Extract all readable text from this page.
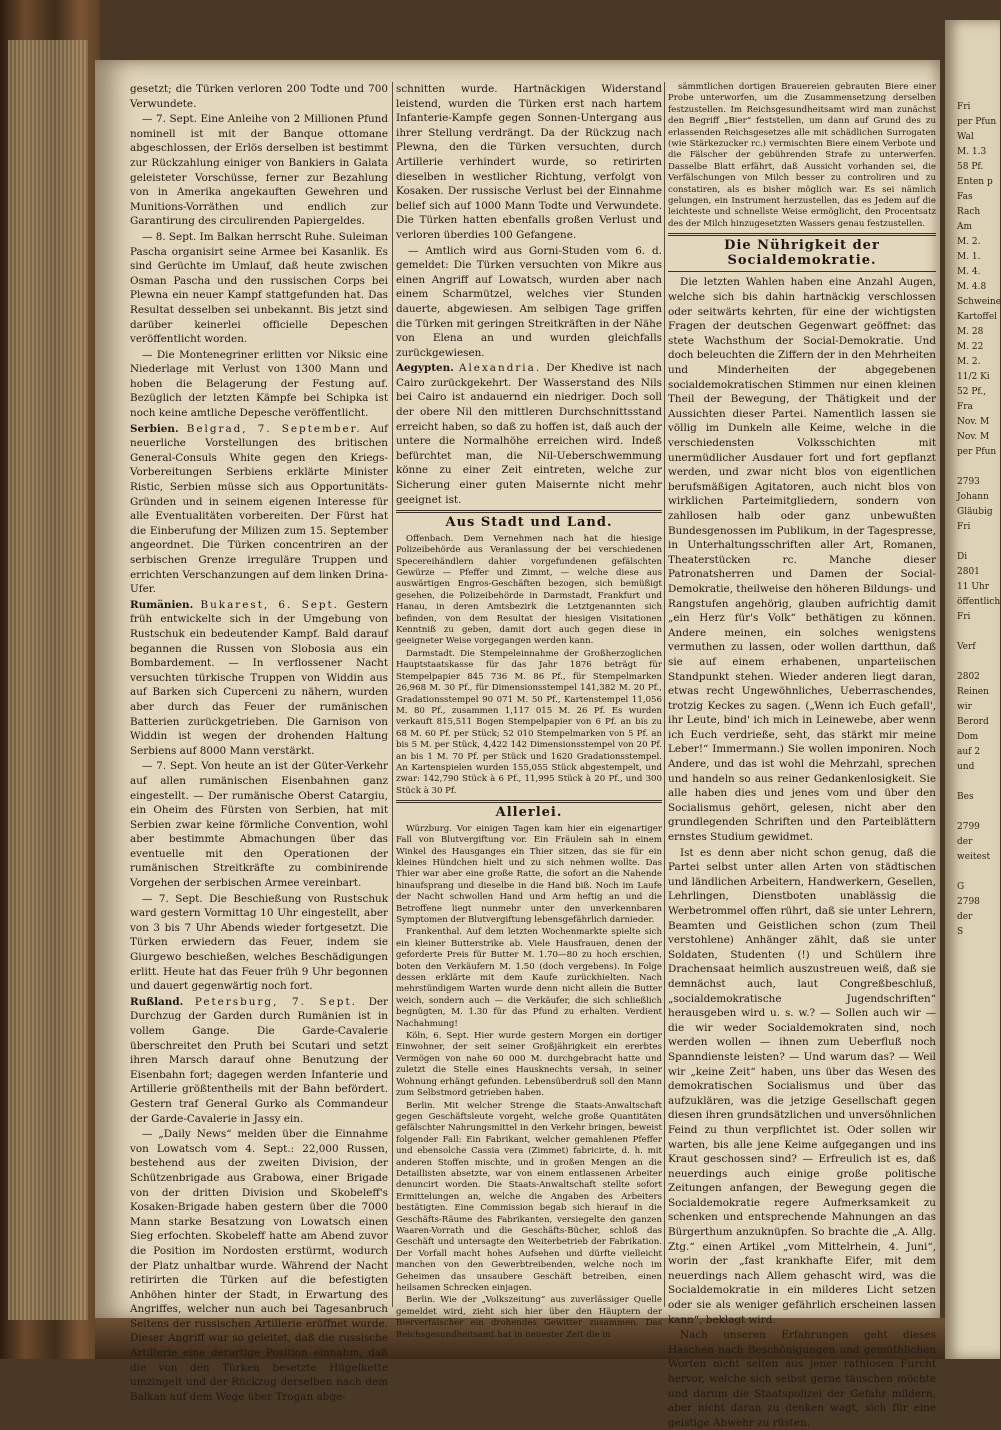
Fri
per Pfun
Wal
M. 1.3
58 Pf.
Enten p
Fas
Rach
Am
M. 2.
M. 1.
M. 4.
M. 4.8
Schweine
Kartoffel
M. 28
M. 22
M. 2.
11/2 Ki
52 Pf.,
Fra
Nov. M
Nov. M
per Pfun
2793
Johann
Gläubig
Fri
Di
2801
11 Uhr
öffentlich
Fri
Verf
2802
Reinen
wir
Berord
Dom
auf 2
und
Bes
2799
der
weitest
G
2798
der
S

gesetzt; die Türken verloren 200 Todte und 700 Verwundete.

— 7. Sept. Eine Anleihe von 2 Millionen Pfund nominell ist mit der Banque ottomane abgeschlossen, der Erlös derselben ist bestimmt zur Rückzahlung einiger von Bankiers in Galata geleisteter Vorschüsse, ferner zur Bezahlung von in Amerika angekauften Gewehren und Munitions-Vorräthen und endlich zur Garantirung des circulirenden Papiergeldes.

— 8. Sept. Im Balkan herrscht Ruhe. Suleiman Pascha organisirt seine Armee bei Kasanlik. Es sind Gerüchte im Umlauf, daß heute zwischen Osman Pascha und den russischen Corps bei Plewna ein neuer Kampf stattgefunden hat. Das Resultat desselben sei unbekannt. Bis jetzt sind darüber keinerlei officielle Depeschen veröffentlicht worden.

— Die Montenegriner erlitten vor Niksic eine Niederlage mit Verlust von 1300 Mann und hoben die Belagerung der Festung auf. Bezüglich der letzten Kämpfe bei Schipka ist noch keine amtliche Depesche veröffentlicht.

Serbien. Belgrad, 7. September. Auf neuerliche Vorstellungen des britischen General-Consuls White gegen den Kriegs-Vorbereitungen Serbiens erklärte Minister Ristic, Serbien müsse sich aus Opportunitäts-Gründen und in seinem eigenen Interesse für alle Eventualitäten vorbereiten. Der Fürst hat die Einberufung der Milizen zum 15. September angeordnet. Die Türken concentriren an der serbischen Grenze irreguläre Truppen und errichten Verschanzungen auf dem linken Drina-Ufer.

Rumänien. Bukarest, 6. Sept. Gestern früh entwickelte sich in der Umgebung von Rustschuk ein bedeutender Kampf. Bald darauf begannen die Russen von Slobosia aus ein Bombardement. — In verflossener Nacht versuchten türkische Truppen von Widdin aus auf Barken sich Cuperceni zu nähern, wurden aber durch das Feuer der rumänischen Batterien zurückgetrieben. Die Garnison von Widdin ist wegen der drohenden Haltung Serbiens auf 8000 Mann verstärkt.

— 7. Sept. Von heute an ist der Güter-Verkehr auf allen rumänischen Eisenbahnen ganz eingestellt. — Der rumänische Oberst Catargiu, ein Oheim des Fürsten von Serbien, hat mit Serbien zwar keine förmliche Convention, wohl aber bestimmte Abmachungen über das eventuelle mit den Operationen der rumänischen Streitkräfte zu combinirende Vorgehen der serbischen Armee vereinbart.

— 7. Sept. Die Beschießung von Rustschuk ward gestern Vormittag 10 Uhr eingestellt, aber von 3 bis 7 Uhr Abends wieder fortgesetzt. Die Türken erwiedern das Feuer, indem sie Giurgewo beschießen, welches Beschädigungen erlitt. Heute hat das Feuer früh 9 Uhr begonnen und dauert gegenwärtig noch fort.

Rußland. Petersburg, 7. Sept. Der Durchzug der Garden durch Rumänien ist in vollem Gange. Die Garde-Cavalerie überschreitet den Pruth bei Scutari und setzt ihren Marsch darauf ohne Benutzung der Eisenbahn fort; dagegen werden Infanterie und Artillerie größtentheils mit der Bahn befördert. Gestern traf General Gurko als Commandeur der Garde-Cavalerie in Jassy ein.

— „Daily News“ melden über die Einnahme von Lowatsch vom 4. Sept.: 22,000 Russen, bestehend aus der zweiten Division, der Schützenbrigade aus Grabowa, einer Brigade von der dritten Division und Skobeleff's Kosaken-Brigade haben gestern über die 7000 Mann starke Besatzung von Lowatsch einen Sieg erfochten. Skobeleff hatte am Abend zuvor die Position im Nordosten erstürmt, wodurch der Platz unhaltbar wurde. Während der Nacht retirirten die Türken auf die befestigten Anhöhen hinter der Stadt, in Erwartung des Angriffes, welcher nun auch bei Tagesanbruch Seitens der russischen Artillerie eröffnet wurde. Dieser Angriff war so geleitet, daß die russische Artillerie eine derartige Position einnahm, daß die von den Türken besetzte Hügelkette umzingelt und der Rückzug derselben nach dem Balkan auf dem Wege über Trogan abge-

schnitten wurde. Hartnäckigen Widerstand leistend, wurden die Türken erst nach hartem Infanterie-Kampfe gegen Sonnen-Untergang aus ihrer Stellung verdrängt. Da der Rückzug nach Plewna, den die Türken versuchten, durch Artillerie verhindert wurde, so retirirten dieselben in westlicher Richtung, verfolgt von Kosaken. Der russische Verlust bei der Einnahme belief sich auf 1000 Mann Todte und Verwundete. Die Türken hatten ebenfalls großen Verlust und verloren überdies 100 Gefangene.

— Amtlich wird aus Gorni-Studen vom 6. d. gemeldet: Die Türken versuchten von Mikre aus einen Angriff auf Lowatsch, wurden aber nach einem Scharmützel, welches vier Stunden dauerte, abgewiesen. Am selbigen Tage griffen die Türken mit geringen Streitkräften in der Nähe von Elena an und wurden gleichfalls zurückgewiesen.

Aegypten. Alexandria. Der Khedive ist nach Cairo zurückgekehrt. Der Wasserstand des Nils bei Cairo ist andauernd ein niedriger. Doch soll der obere Nil den mittleren Durchschnittsstand erreicht haben, so daß zu hoffen ist, daß auch der untere die Normalhöhe erreichen wird. Indeß befürchtet man, die Nil-Ueberschwemmung könne zu einer Zeit eintreten, welche zur Sicherung einer guten Maisernte nicht mehr geeignet ist.

Aus Stadt und Land.

Offenbach. Dem Vernehmen nach hat die hiesige Polizeibehörde aus Veranlassung der bei verschiedenen Specereihändlern dahier vorgefundenen gefälschten Gewürze — Pfeffer und Zimmt, — welche diese aus auswärtigen Engros-Geschäften bezogen, sich bemüßigt gesehen, die Polizeibehörde in Darmstadt, Frankfurt und Hanau, in deren Amtsbezirk die Letztgenannten sich befinden, von dem Resultat der hiesigen Visitationen Kenntniß zu geben, damit dort auch gegen diese in geeigneter Weise vorgegangen werden kann.

Darmstadt. Die Stempeleinnahme der Großherzoglichen Hauptstaatskasse für das Jahr 1876 beträgt für Stempelpapier 845 736 M. 86 Pf., für Stempelmarken 26,968 M. 30 Pf., für Dimensionsstempel 141,382 M. 20 Pf., Gradationsstempel 90 071 M. 50 Pf., Kartenstempel 11,056 M. 80 Pf., zusammen 1,117 015 M. 26 Pf. Es wurden verkauft 815,511 Bogen Stempelpapier von 6 Pf. an bis zu 68 M. 60 Pf. per Stück; 52 010 Stempelmarken von 5 Pf. an bis 5 M. per Stück, 4,422 142 Dimensionsstempel von 20 Pf. an bis 1 M. 70 Pf. per Stück und 1620 Gradationsstempel. An Kartenspielen wurden 155,055 Stück abgestempelt, und zwar: 142,790 Stück à 6 Pf., 11,995 Stück à 20 Pf., und 300 Stück à 30 Pf.

Allerlei.

Würzburg. Vor einigen Tagen kam hier ein eigenartiger Fall von Blutvergiftung vor. Ein Fräulein sah in einem Winkel des Hausganges ein Thier sitzen, das sie für ein kleines Hündchen hielt und zu sich nehmen wollte. Das Thier war aber eine große Ratte, die sofort an die Nahende hinaufsprang und dieselbe in die Hand biß. Noch im Laufe der Nacht schwollen Hand und Arm heftig an und die Betroffene liegt nunmehr unter den unverkennbaren Symptomen der Blutvergiftung lebensgefährlich darnieder.

Frankenthal. Auf dem letzten Wochenmarkte spielte sich ein kleiner Butterstrike ab. Viele Hausfrauen, denen der geforderte Preis für Butter M. 1.70—80 zu hoch erschien, boten den Verkäufern M. 1.50 (doch vergebens). In Folge dessen erklärte mit dem Kaufe zurückhielten. Nach mehrstündigem Warten wurde denn nicht allein die Butter weich, sondern auch — die Verkäufer, die sich schließlich begnügten, M. 1.30 für das Pfund zu erhalten. Verdient Nachahmung!

Köln, 6. Sept. Hier wurde gestern Morgen ein dortiger Einwohner, der seit seiner Großjährigkeit ein ererbtes Vermögen von nahe 60 000 M. durchgebracht hatte und zuletzt die Stelle eines Hausknechts versah, in seiner Wohnung erhängt gefunden. Lebensüberdruß soll den Mann zum Selbstmord getrieben haben.

Berlin. Mit welcher Strenge die Staats-Anwaltschaft gegen Geschäftsleute vorgeht, welche große Quantitäten gefälschter Nahrungsmittel in den Verkehr bringen, beweist folgender Fall: Ein Fabrikant, welcher gemahlenen Pfeffer und ebensolche Cassia vera (Zimmet) fabricirte, d. h. mit anderen Stoffen mischte, und in großen Mengen an die Detaillisten absetzte, war von einem entlassenen Arbeiter denuncirt worden. Die Staats-Anwaltschaft stellte sofort Ermittelungen an, welche die Angaben des Arbeiters bestätigten. Eine Commission begab sich hierauf in die Geschäfts-Räume des Fabrikanten, versiegelte den ganzen Waaren-Vorrath und die Geschäfts-Bücher, schloß das Geschäft und untersagte den Weiterbetrieb der Fabrikation. Der Vorfall macht hohes Aufsehen und dürfte vielleicht manchen von den Gewerbtreibenden, welche noch im Geheimen das unsaubere Geschäft betreiben, einen heilsamen Schrecken einjagen.

Berlin. Wie der „Volkszeitung“ aus zuverlässiger Quelle gemeldet wird, zieht sich hier über den Häuptern der Bierverfälscher ein drohendes Gewitter zusammen. Das Reichsgesundheitsamt hat in neuester Zeit die in

sämmtlichen dortigen Brauereien gebrauten Biere einer Probe unterworfen, um die Zusammensetzung derselben festzustellen. Im Reichsgesundheitsamt wird man zunächst den Begriff „Bier“ feststellen, um dann auf Grund des zu erlassenden Reichsgesetzes alle mit schädlichen Surrogaten (wie Stärkezucker rc.) vermischten Biere einem Verbote und die Fälscher der gebührenden Strafe zu unterwerfen. Dasselbe Blatt erfährt, daß Aussicht vorhanden sei, die Verfälschungen von Milch besser zu controliren und zu constatiren, als es bisher möglich war. Es sei nämlich gelungen, ein Instrument herzustellen, das es Jedem auf die leichteste und schnellste Weise ermöglicht, den Procentsatz des der Milch hinzugesetzten Wassers genau festzustellen.

Die Nührigkeit der Socialdemokratie.

Die letzten Wahlen haben eine Anzahl Augen, welche sich bis dahin hartnäckig verschlossen oder seitwärts kehrten, für eine der wichtigsten Fragen der deutschen Gegenwart geöffnet: das stete Wachsthum der Social-Demokratie. Und doch beleuchten die Ziffern der in den Mehrheiten und Minderheiten der abgegebenen socialdemokratischen Stimmen nur einen kleinen Theil der Bewegung, der Thätigkeit und der Aussichten dieser Partei. Namentlich lassen sie völlig im Dunkeln alle Keime, welche in die verschiedensten Volksschichten mit unermüdlicher Ausdauer fort und fort gepflanzt werden, und zwar nicht blos von eigentlichen berufsmäßigen Agitatoren, auch nicht blos von wirklichen Parteimitgliedern, sondern von zahllosen halb oder ganz unbewußten Bundesgenossen im Publikum, in der Tagespresse, in Unterhaltungsschriften aller Art, Romanen, Theaterstücken rc. Manche dieser Patronatsherren und Damen der Social-Demokratie, theilweise den höheren Bildungs- und Rangstufen angehörig, glauben aufrichtig damit „ein Herz für's Volk“ bethätigen zu können. Andere meinen, ein solches wenigstens vermuthen zu lassen, oder wollen dartthun, daß sie auf einem erhabenen, unparteiischen Standpunkt stehen. Wieder anderen liegt daran, etwas recht Ungewöhnliches, Ueberraschendes, trotzig Keckes zu sagen. („Wenn ich Euch gefall', ihr Leute, bind' ich mich in Leinewebe, aber wenn ich Euch verdrieße, seht, das stärkt mir meine Leber!“ Immermann.) Sie wollen imponiren. Noch Andere, und das ist wohl die Mehrzahl, sprechen und handeln so aus reiner Gedankenlosigkeit. Sie alle haben dies und jenes vom und über den Socialismus gehört, gelesen, nicht aber den grundlegenden Schriften und den Parteiblättern ernstes Studium gewidmet.

Ist es denn aber nicht schon genug, daß die Partei selbst unter allen Arten von städtischen und ländlichen Arbeitern, Handwerkern, Gesellen, Lehrlingen, Dienstboten unablässig die Werbetrommel offen rührt, daß sie unter Lehrern, Beamten und Geistlichen schon (zum Theil verstohlene) Anhänger zählt, daß sie unter Soldaten, Studenten (!) und Schülern ihre Drachensaat heimlich auszustreuen weiß, daß sie demnächst auch, laut Congreßbeschluß, „socialdemokratische Jugendschriften“ herausgeben wird u. s. w.? — Sollen auch wir — die wir weder Socialdemokraten sind, noch werden wollen — ihnen zum Ueberfluß noch Spanndienste leisten? — Und warum das? — Weil wir „keine Zeit“ haben, uns über das Wesen des demokratischen Socialismus und über das aufzuklären, was die jetzige Gesellschaft gegen diesen ihren grundsätzlichen und unversöhnlichen Feind zu thun verpflichtet ist. Oder sollen wir warten, bis alle jene Keime aufgegangen und ins Kraut geschossen sind? — Erfreulich ist es, daß neuerdings auch einige große politische Zeitungen anfangen, der Bewegung gegen die Socialdemokratie regere Aufmerksamkeit zu schenken und entsprechende Mahnungen an das Bürgerthum anzuknüpfen. So brachte die „A. Allg. Ztg.“ einen Artikel „vom Mittelrhein, 4. Juni“, worin der „fast krankhafte Eifer, mit dem neuerdings nach Allem gehascht wird, was die Socialdemokratie in ein milderes Licht setzen oder sie als weniger gefährlich erscheinen lassen kann“, beklagt wird.

Nach unseren Erfahrungen geht dieses Haschen nach Beschönigungen und gemüthlichen Worten nicht selten aus jener rathlosen Furcht hervor, welche sich selbst gerne täuschen möchte und darum die Staatspolizei der Gefahr mildern, aber nicht daran zu denken wagt, sich für eine geistige Abwehr zu rüsten.
